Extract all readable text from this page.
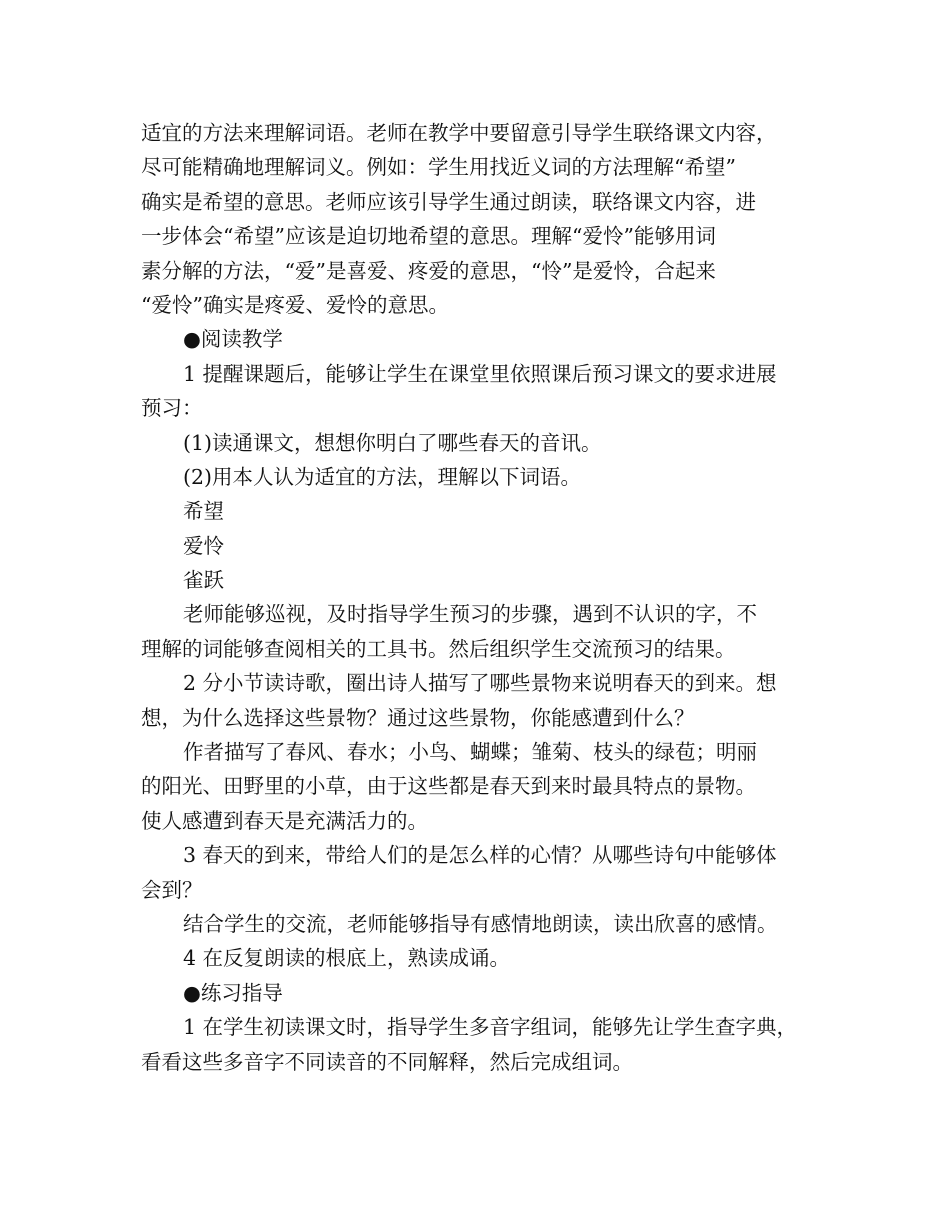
适宜的方法来理解词语。老师在教学中要留意引导学生联络课文内容，
尽可能精确地理解词义。例如：学生用找近义词的方法理解“希望”
确实是希望的意思。老师应该引导学生通过朗读，联络课文内容，进
一步体会“希望”应该是迫切地希望的意思。理解“爱怜”能够用词
素分解的方法，“爱”是喜爱、疼爱的意思，“怜”是爱怜，合起来
“爱怜”确实是疼爱、爱怜的意思。
●阅读教学
1 提醒课题后，能够让学生在课堂里依照课后预习课文的要求进展
预习：
(1)读通课文，想想你明白了哪些春天的音讯。
(2)用本人认为适宜的方法，理解以下词语。
希望
爱怜
雀跃
老师能够巡视，及时指导学生预习的步骤，遇到不认识的字，不
理解的词能够查阅相关的工具书。然后组织学生交流预习的结果。
2 分小节读诗歌，圈出诗人描写了哪些景物来说明春天的到来。想
想，为什么选择这些景物？通过这些景物，你能感遭到什么？
作者描写了春风、春水；小鸟、蝴蝶；雏菊、枝头的绿苞；明丽
的阳光、田野里的小草，由于这些都是春天到来时最具特点的景物。
使人感遭到春天是充满活力的。
3 春天的到来，带给人们的是怎么样的心情？从哪些诗句中能够体
会到？
结合学生的交流，老师能够指导有感情地朗读，读出欣喜的感情。
4 在反复朗读的根底上，熟读成诵。
●练习指导
1 在学生初读课文时，指导学生多音字组词，能够先让学生查字典，
看看这些多音字不同读音的不同解释，然后完成组词。
